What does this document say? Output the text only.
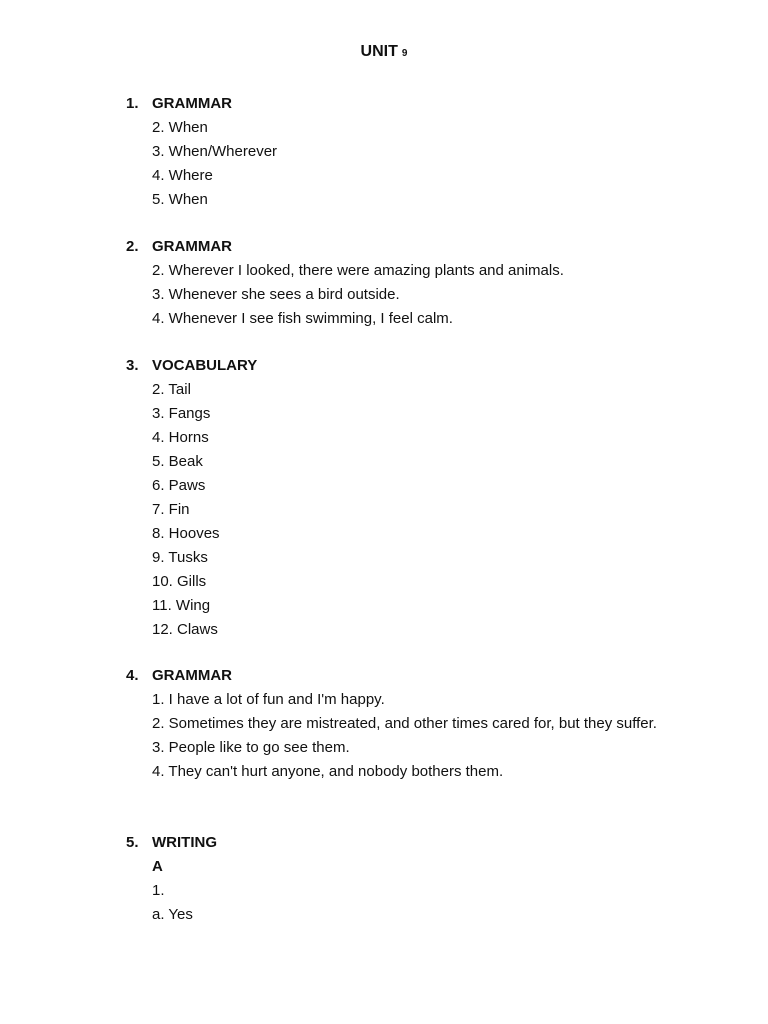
UNIT 9
1. GRAMMAR
2. When
3. When/Wherever
4. Where
5. When
2. GRAMMAR
2. Wherever I looked, there were amazing plants and animals.
3. Whenever she sees a bird outside.
4. Whenever I see fish swimming, I feel calm.
3. VOCABULARY
2. Tail
3. Fangs
4. Horns
5. Beak
6. Paws
7. Fin
8. Hooves
9. Tusks
10. Gills
11. Wing
12. Claws
4. GRAMMAR
1. I have a lot of fun and I'm happy.
2. Sometimes they are mistreated, and other times cared for, but they suffer.
3. People like to go see them.
4. They can't hurt anyone, and nobody bothers them.
5. WRITING
A
1.
a. Yes
